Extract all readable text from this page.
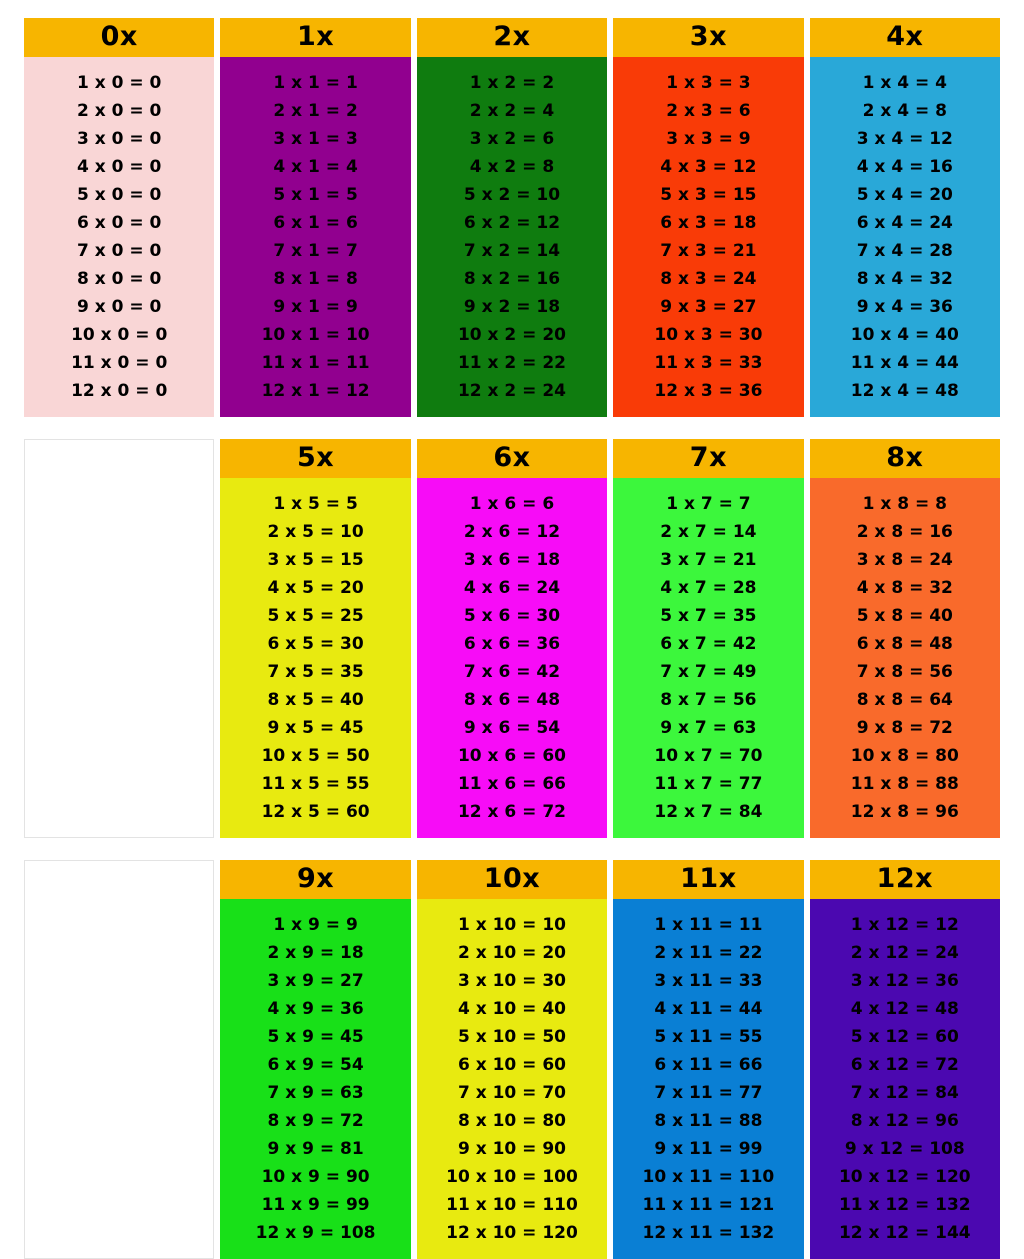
0x
1 x 0 = 0
2 x 0 = 0
3 x 0 = 0
4 x 0 = 0
5 x 0 = 0
6 x 0 = 0
7 x 0 = 0
8 x 0 = 0
9 x 0 = 0
10 x 0 = 0
11 x 0 = 0
12 x 0 = 0
1x
1 x 1 = 1
2 x 1 = 2
3 x 1 = 3
4 x 1 = 4
5 x 1 = 5
6 x 1 = 6
7 x 1 = 7
8 x 1 = 8
9 x 1 = 9
10 x 1 = 10
11 x 1 = 11
12 x 1 = 12
2x
1 x 2 = 2
2 x 2 = 4
3 x 2 = 6
4 x 2 = 8
5 x 2 = 10
6 x 2 = 12
7 x 2 = 14
8 x 2 = 16
9 x 2 = 18
10 x 2 = 20
11 x 2 = 22
12 x 2 = 24
3x
1 x 3 = 3
2 x 3 = 6
3 x 3 = 9
4 x 3 = 12
5 x 3 = 15
6 x 3 = 18
7 x 3 = 21
8 x 3 = 24
9 x 3 = 27
10 x 3 = 30
11 x 3 = 33
12 x 3 = 36
4x
1 x 4 = 4
2 x 4 = 8
3 x 4 = 12
4 x 4 = 16
5 x 4 = 20
6 x 4 = 24
7 x 4 = 28
8 x 4 = 32
9 x 4 = 36
10 x 4 = 40
11 x 4 = 44
12 x 4 = 48
5x
1 x 5 = 5
2 x 5 = 10
3 x 5 = 15
4 x 5 = 20
5 x 5 = 25
6 x 5 = 30
7 x 5 = 35
8 x 5 = 40
9 x 5 = 45
10 x 5 = 50
11 x 5 = 55
12 x 5 = 60
6x
1 x 6 = 6
2 x 6 = 12
3 x 6 = 18
4 x 6 = 24
5 x 6 = 30
6 x 6 = 36
7 x 6 = 42
8 x 6 = 48
9 x 6 = 54
10 x 6 = 60
11 x 6 = 66
12 x 6 = 72
7x
1 x 7 = 7
2 x 7 = 14
3 x 7 = 21
4 x 7 = 28
5 x 7 = 35
6 x 7 = 42
7 x 7 = 49
8 x 7 = 56
9 x 7 = 63
10 x 7 = 70
11 x 7 = 77
12 x 7 = 84
8x
1 x 8 = 8
2 x 8 = 16
3 x 8 = 24
4 x 8 = 32
5 x 8 = 40
6 x 8 = 48
7 x 8 = 56
8 x 8 = 64
9 x 8 = 72
10 x 8 = 80
11 x 8 = 88
12 x 8 = 96
9x
1 x 9 = 9
2 x 9 = 18
3 x 9 = 27
4 x 9 = 36
5 x 9 = 45
6 x 9 = 54
7 x 9 = 63
8 x 9 = 72
9 x 9 = 81
10 x 9 = 90
11 x 9 = 99
12 x 9 = 108
10x
1 x 10 = 10
2 x 10 = 20
3 x 10 = 30
4 x 10 = 40
5 x 10 = 50
6 x 10 = 60
7 x 10 = 70
8 x 10 = 80
9 x 10 = 90
10 x 10 = 100
11 x 10 = 110
12 x 10 = 120
11x
1 x 11 = 11
2 x 11 = 22
3 x 11 = 33
4 x 11 = 44
5 x 11 = 55
6 x 11 = 66
7 x 11 = 77
8 x 11 = 88
9 x 11 = 99
10 x 11 = 110
11 x 11 = 121
12 x 11 = 132
12x
1 x 12 = 12
2 x 12 = 24
3 x 12 = 36
4 x 12 = 48
5 x 12 = 60
6 x 12 = 72
7 x 12 = 84
8 x 12 = 96
9 x 12 = 108
10 x 12 = 120
11 x 12 = 132
12 x 12 = 144
